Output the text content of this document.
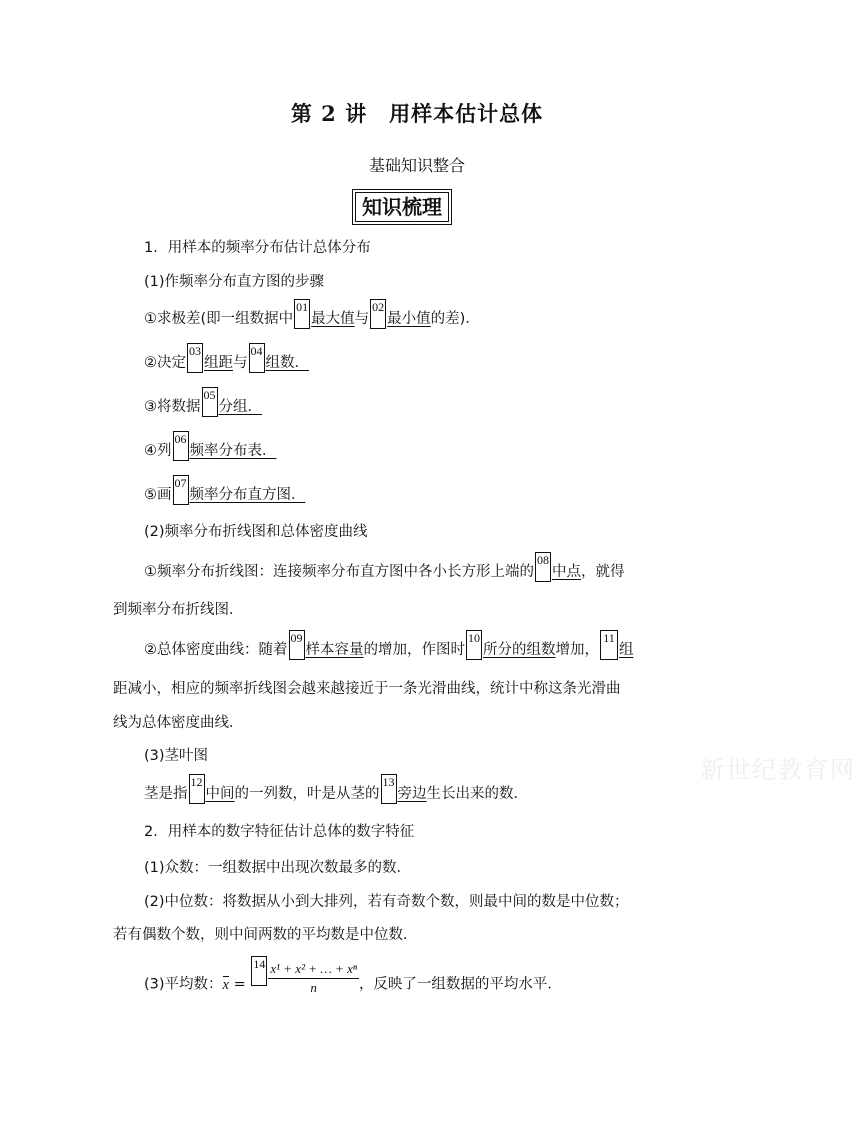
第 2 讲　用样本估计总体
基础知识整合
知识梳理
1．用样本的频率分布估计总体分布
(1)作频率分布直方图的步骤
①求极差(即一组数据中01最大值与02最小值的差)．
②决定03组距与04组数．
③将数据05分组．
④列06频率分布表．
⑤画07频率分布直方图．
(2)频率分布折线图和总体密度曲线
①频率分布折线图：连接频率分布直方图中各小长方形上端的08中点，就得
到频率分布折线图．
②总体密度曲线：随着09样本容量的增加，作图时10所分的组数增加，11组
距减小，相应的频率折线图会越来越接近于一条光滑曲线，统计中称这条光滑曲
线为总体密度曲线．
(3)茎叶图
茎是指12中间的一列数，叶是从茎的13旁边生长出来的数．
2．用样本的数字特征估计总体的数字特征
(1)众数：一组数据中出现次数最多的数．
(2)中位数：将数据从小到大排列，若有奇数个数，则最中间的数是中位数；
若有偶数个数，则中间两数的平均数是中位数．
(3)平均数：$x = 14 \frac{\text{x¹ + x² + … + xⁿ}}{n}$ ，反映了一组数据的平均水平．
新世纪教育网
